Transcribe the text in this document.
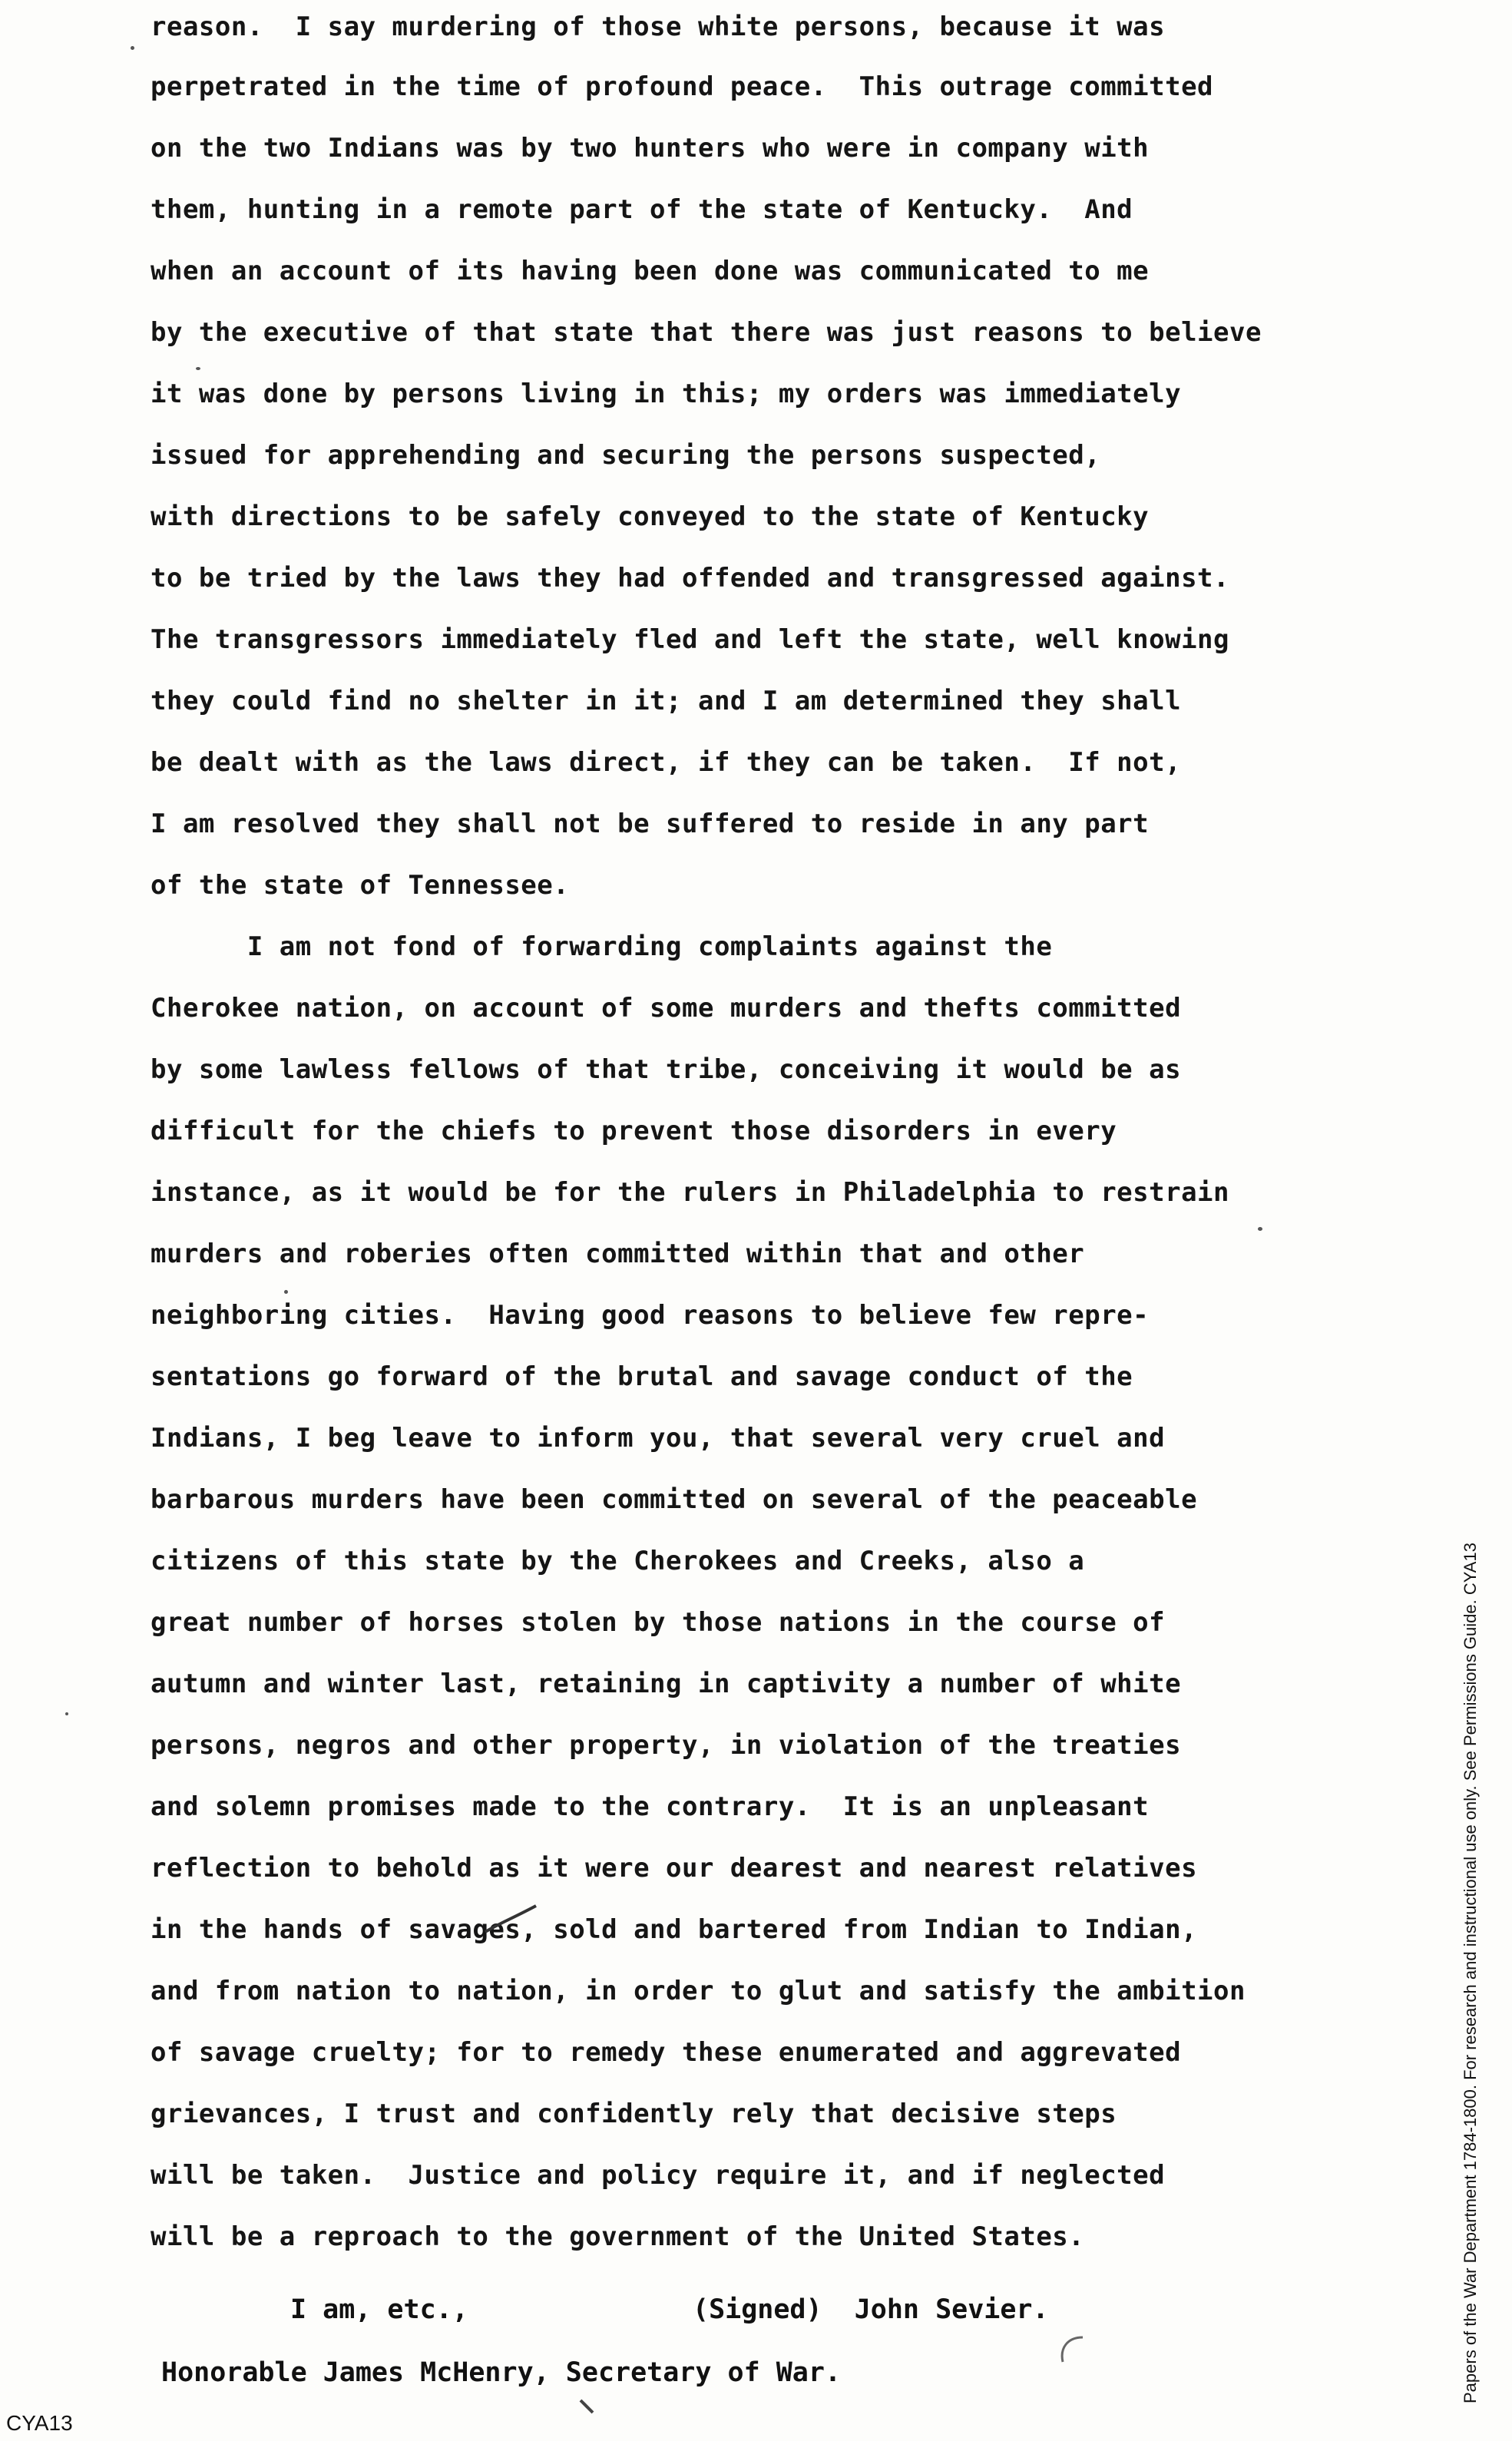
reason.  I say murdering of those white persons, because it was
perpetrated in the time of profound peace.  This outrage committed
on the two Indians was by two hunters who were in company with
them, hunting in a remote part of the state of Kentucky.  And
when an account of its having been done was communicated to me
by the executive of that state that there was just reasons to believe
it was done by persons living in this; my orders was immediately
issued for apprehending and securing the persons suspected,
with directions to be safely conveyed to the state of Kentucky
to be tried by the laws they had offended and transgressed against.
The transgressors immediately fled and left the state, well knowing
they could find no shelter in it; and I am determined they shall
be dealt with as the laws direct, if they can be taken.  If not,
I am resolved they shall not be suffered to reside in any part
of the state of Tennessee.
I am not fond of forwarding complaints against the
Cherokee nation, on account of some murders and thefts committed
by some lawless fellows of that tribe, conceiving it would be as
difficult for the chiefs to prevent those disorders in every
instance, as it would be for the rulers in Philadelphia to restrain
murders and roberies often committed within that and other
neighboring cities.  Having good reasons to believe few repre-
sentations go forward of the brutal and savage conduct of the
Indians, I beg leave to inform you, that several very cruel and
barbarous murders have been committed on several of the peaceable
citizens of this state by the Cherokees and Creeks, also a
great number of horses stolen by those nations in the course of
autumn and winter last, retaining in captivity a number of white
persons, negros and other property, in violation of the treaties
and solemn promises made to the contrary.  It is an unpleasant
reflection to behold as it were our dearest and nearest relatives
in the hands of savages, sold and bartered from Indian to Indian,
and from nation to nation, in order to glut and satisfy the ambition
of savage cruelty; for to remedy these enumerated and aggrevated
grievances, I trust and confidently rely that decisive steps
will be taken.  Justice and policy require it, and if neglected
will be a reproach to the government of the United States.
I am, etc.,	(Signed)  John Sevier.
Honorable James McHenry, Secretary of War.	Papers of the War Department 1784-1800. For research and instructional use only. See Permissions Guide. CYA13
CYA13
